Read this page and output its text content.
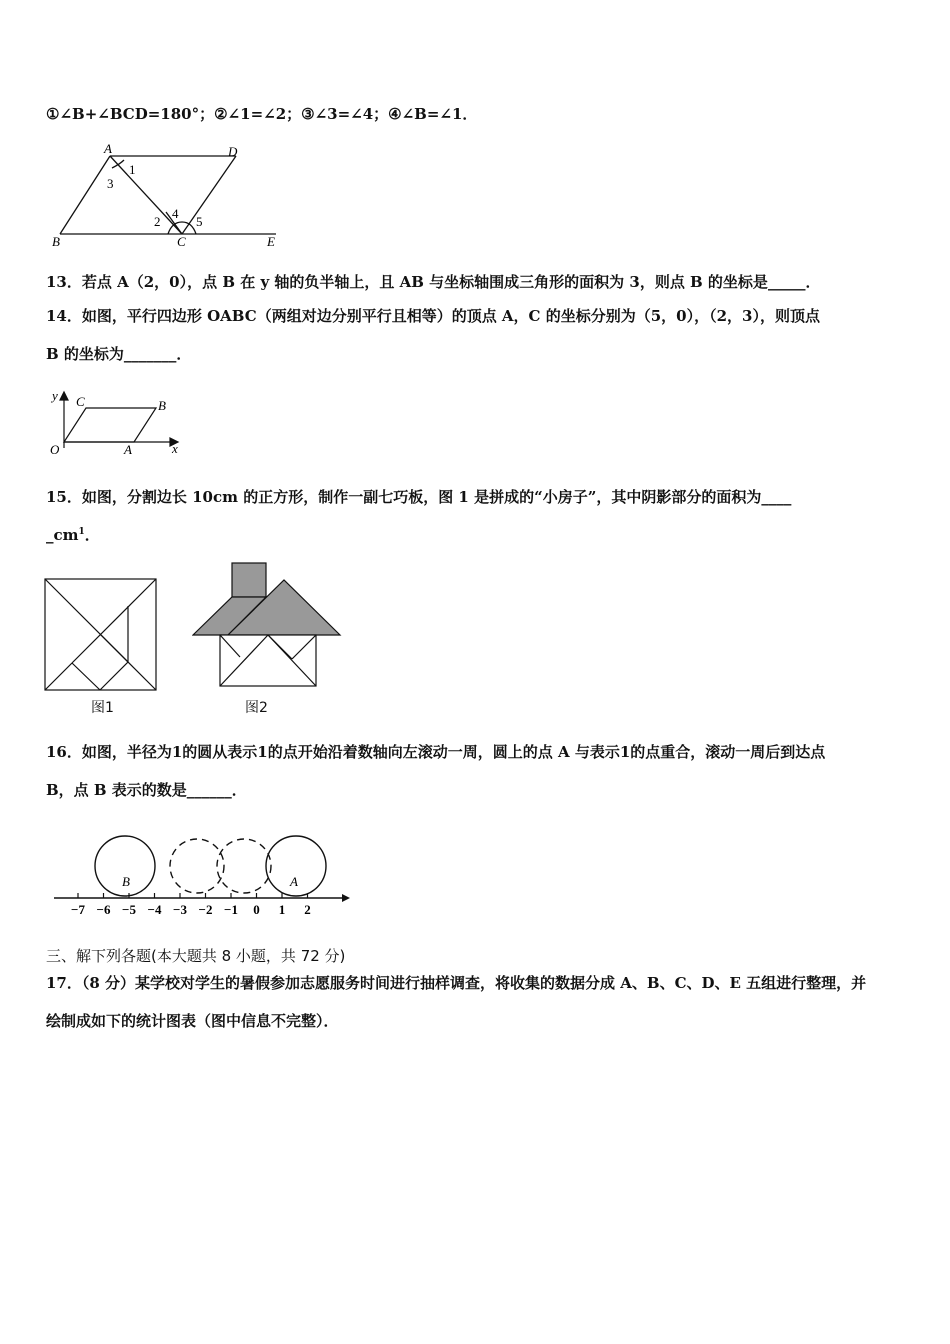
①∠B+∠BCD=180°；②∠1=∠2；③∠3=∠4；④∠B=∠1．
A	D
B	C	E
1
3
2
4
5
13．若点 A（2，0），点 B 在 y 轴的负半轴上，且 AB 与坐标轴围成三角形的面积为 3，则点 B 的坐标是_____．
14．如图，平行四边形 OABC（两组对边分别平行且相等）的顶点 A，C 的坐标分别为（5，0），（2，3），则顶点
B 的坐标为_______．
y
x
O	A
B
C
15．如图，分割边长 10cm 的正方形，制作一副七巧板，图 1 是拼成的“小房子”，其中阴影部分的面积为____
$\_cm^1$．
图1	图2
16．如图，半径为1的圆从表示1的点开始沿着数轴向左滚动一周，圆上的点 A 与表示1的点重合，滚动一周后到达点
B，点 B 表示的数是______．
B	A
−7 −6 −5 −4 −3 −2 −1 0 1 2
三、解下列各题(本大题共 8 小题，共 72 分)
17．（8 分）某学校对学生的暑假参加志愿服务时间进行抽样调查，将收集的数据分成 A、B、C、D、E 五组进行整理，并
绘制成如下的统计图表（图中信息不完整）．
